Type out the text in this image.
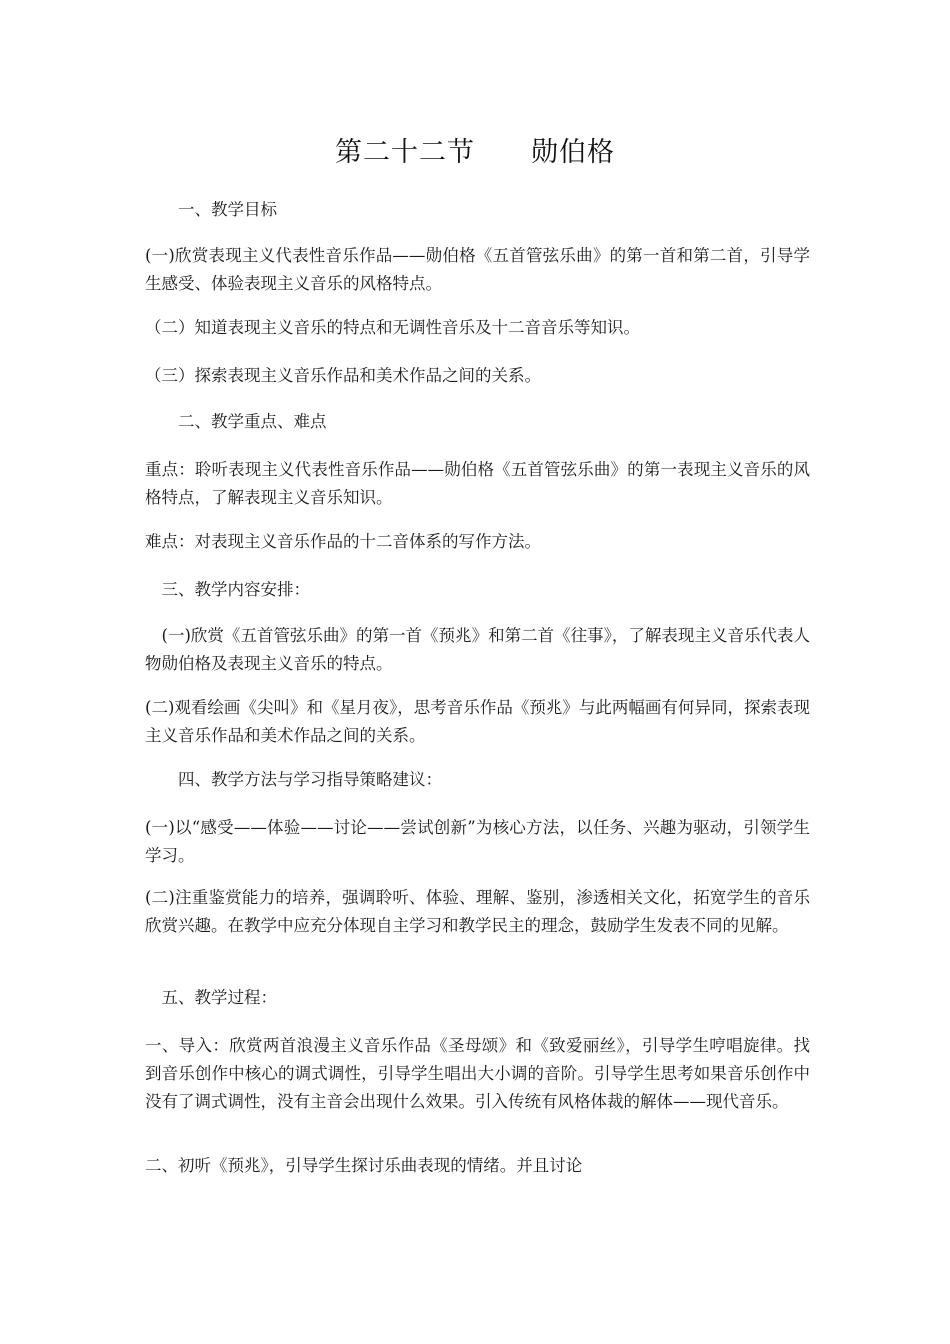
第二十二节　　勋伯格
　　一、教学目标
(一)欣赏表现主义代表性音乐作品——勋伯格《五首管弦乐曲》的第一首和第二首，引导学生感受、体验表现主义音乐的风格特点。
（二）知道表现主义音乐的特点和无调性音乐及十二音音乐等知识。
（三）探索表现主义音乐作品和美术作品之间的关系。
　　二、教学重点、难点
重点：聆听表现主义代表性音乐作品——勋伯格《五首管弦乐曲》的第一表现主义音乐的风格特点，了解表现主义音乐知识。
难点：对表现主义音乐作品的十二音体系的写作方法。
　三、教学内容安排：
　(一)欣赏《五首管弦乐曲》的第一首《预兆》和第二首《往事》，了解表现主义音乐代表人物勋伯格及表现主义音乐的特点。
(二)观看绘画《尖叫》和《星月夜》，思考音乐作品《预兆》与此两幅画有何异同，探索表现主义音乐作品和美术作品之间的关系。
　　四、教学方法与学习指导策略建议：
(一)以“感受——体验——讨论——尝试创新”为核心方法，以任务、兴趣为驱动，引领学生学习。
(二)注重鉴赏能力的培养，强调聆听、体验、理解、鉴别，渗透相关文化，拓宽学生的音乐欣赏兴趣。在教学中应充分体现自主学习和教学民主的理念，鼓励学生发表不同的见解。
　五、教学过程：
一、导入：欣赏两首浪漫主义音乐作品《圣母颂》和《致爱丽丝》，引导学生哼唱旋律。找到音乐创作中核心的调式调性，引导学生唱出大小调的音阶。引导学生思考如果音乐创作中没有了调式调性，没有主音会出现什么效果。引入传统有风格体裁的解体——现代音乐。
二、初听《预兆》，引导学生探讨乐曲表现的情绪。并且讨论
